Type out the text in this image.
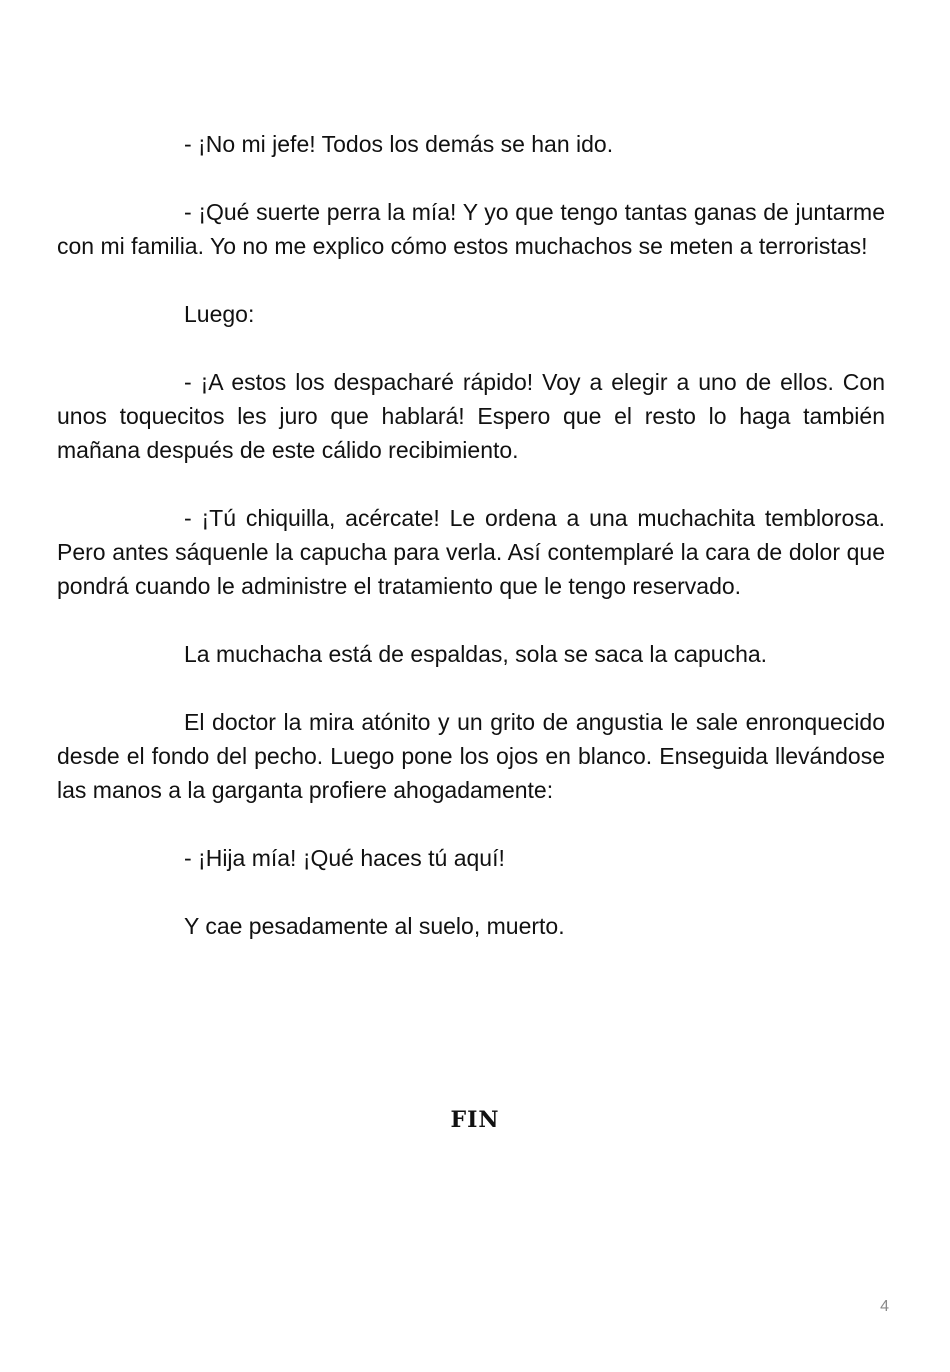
- ¡No mi jefe! Todos los demás se han ido.

- ¡Qué suerte perra la mía! Y yo que tengo tantas ganas de juntarme con mi familia. Yo no me explico cómo estos muchachos se meten a terroristas!

Luego:

- ¡A estos los despacharé rápido! Voy a elegir a uno de ellos. Con unos toquecitos les juro que hablará! Espero que el resto lo haga también mañana después de este cálido recibimiento.

- ¡Tú chiquilla, acércate! Le ordena a una muchachita temblorosa. Pero antes sáquenle la capucha para verla. Así contemplaré la cara de dolor que pondrá cuando le administre el tratamiento que le tengo reservado.

La muchacha está de espaldas, sola se saca la capucha.

El doctor la mira atónito y un grito de angustia le sale enronquecido desde el fondo del pecho. Luego pone los ojos en blanco. Enseguida llevándose las manos a la garganta profiere ahogadamente:

- ¡Hija mía! ¡Qué haces tú aquí!

Y cae pesadamente al suelo, muerto.

FIN
4
